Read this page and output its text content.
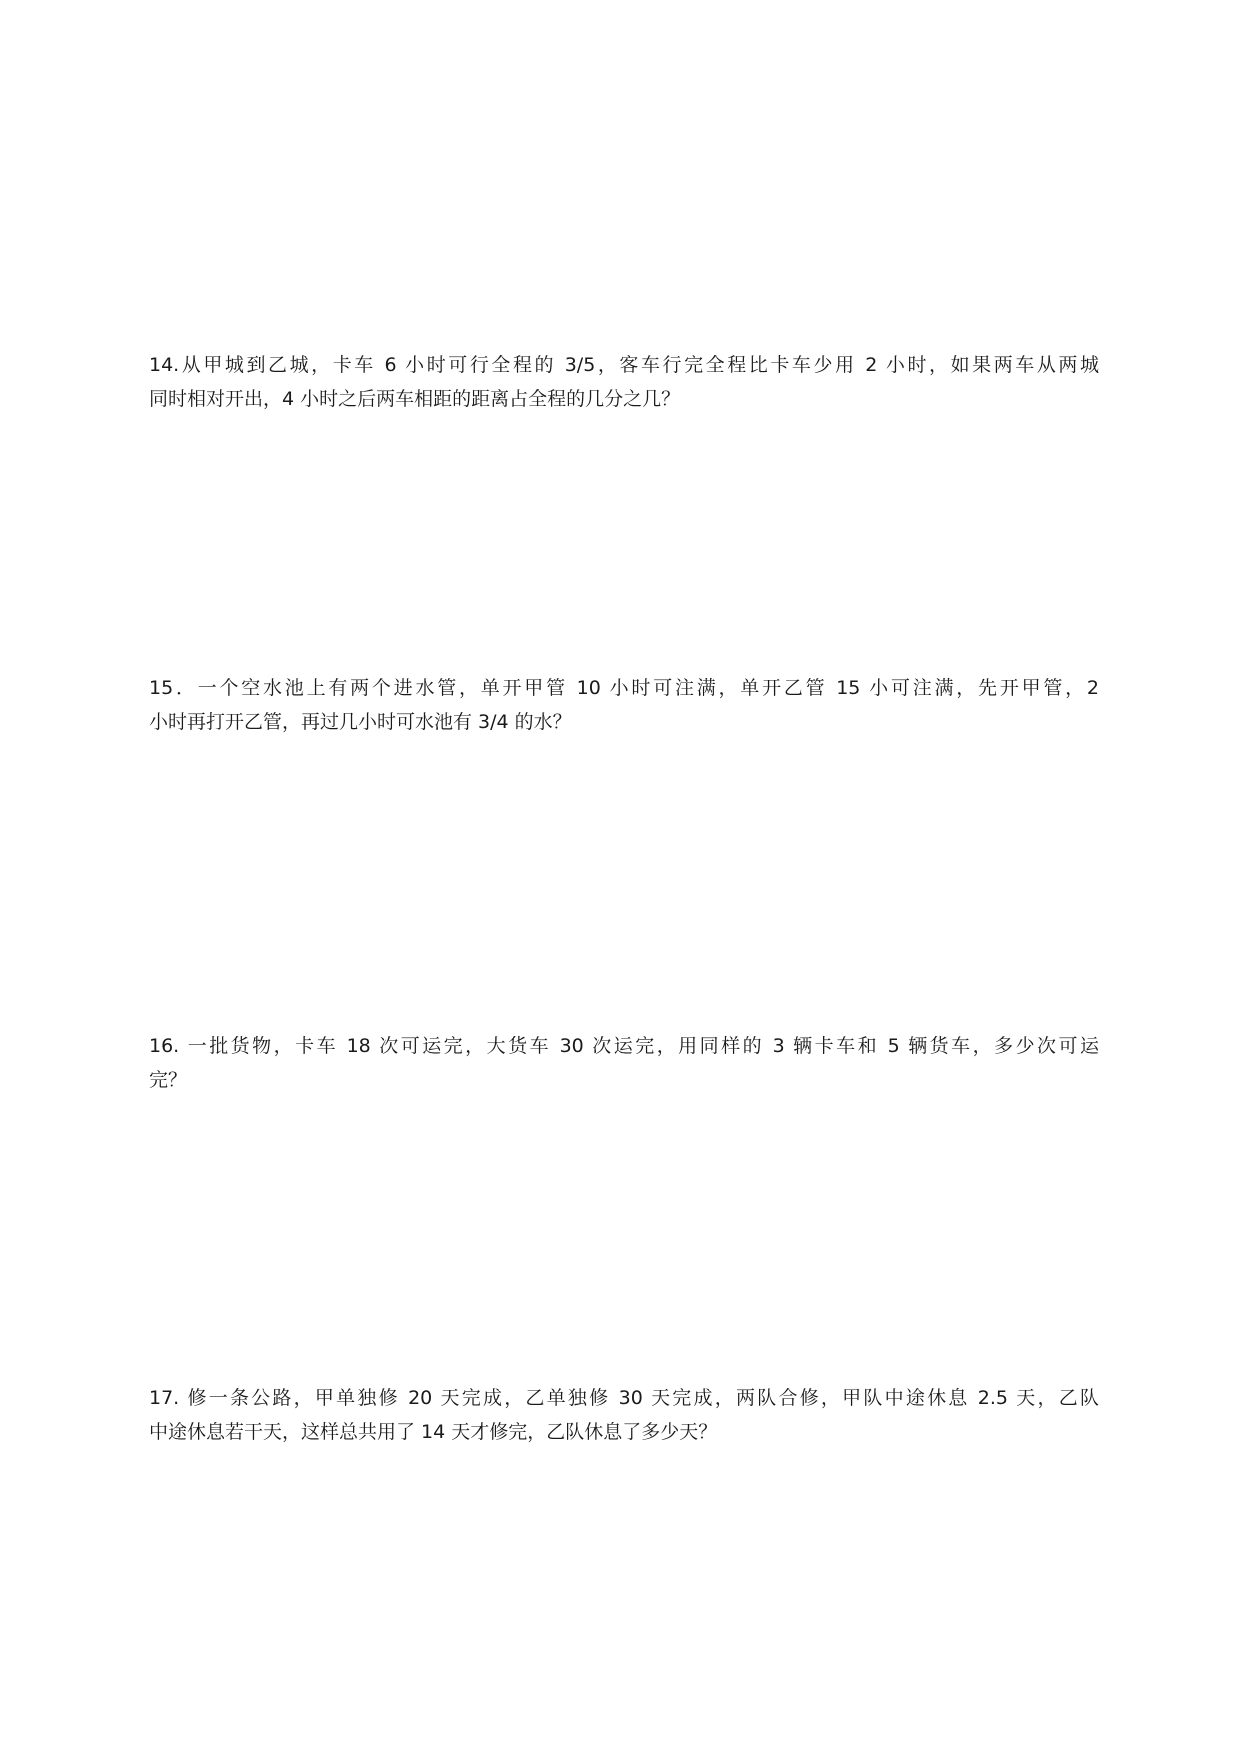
14.从甲城到乙城，卡车 6 小时可行全程的 3/5，客车行完全程比卡车少用 2 小时，如果两车从两城
同时相对开出，4 小时之后两车相距的距离占全程的几分之几？
15．一个空水池上有两个进水管，单开甲管 10 小时可注满，单开乙管 15 小可注满，先开甲管，2
小时再打开乙管，再过几小时可水池有 3/4 的水？
16. 一批货物，卡车 18 次可运完，大货车 30 次运完，用同样的 3 辆卡车和 5 辆货车，多少次可运
完？
17. 修一条公路，甲单独修 20 天完成，乙单独修 30 天完成，两队合修，甲队中途休息 2.5 天，乙队
中途休息若干天，这样总共用了 14 天才修完，乙队休息了多少天？
